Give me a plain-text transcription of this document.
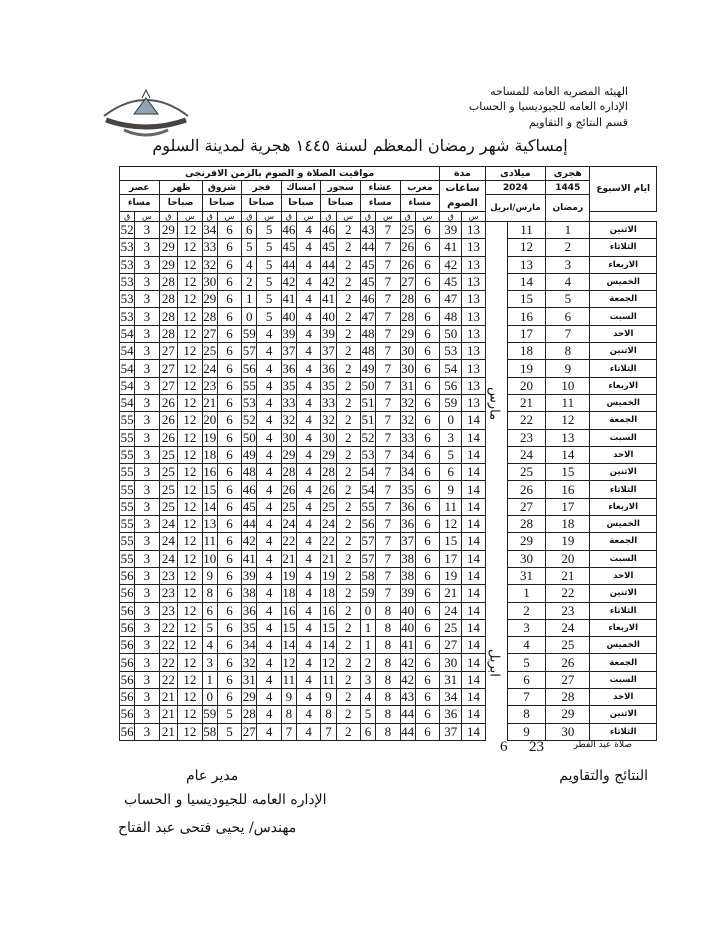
الهيئه المصريه العامه للمساحه
الإداره العامه للجيوديسيا و الحساب
قسم النتائج و التقاويم
إمساكية شهر رمضان المعظم لسنة ١٤٤٥ هجرية لمدينة السلوم
مواقيت الصلاة و الصوم بالزمن الافرنجى																مدة		ميلادى		هجرى	ايام الاسبوع
عصر		ظهر		شروق		فجر		امساك		سحور		عشاء		مغرب		ساعات الصوم		2024		1445	
مساء		صباحا		صباحا		صباحا		صباحا		صباحا		مساء		مساء				مارس/ابريل		رمضان	
ق	س	ق	س	ق	س	ق	س	ق	س	ق	س	ق	س	ق	س	ق	س				
52	3	29	12	34	6	6	5	46	4	46	2	43	7	25	6	39	13	مارس	11	1	الاثنين
53	3	29	12	33	6	5	5	45	4	45	2	44	7	26	6	41	13		12	2	الثلاثاء
53	3	29	12	32	6	4	5	44	4	44	2	45	7	26	6	42	13		13	3	الاربعاء
53	3	28	12	30	6	2	5	42	4	42	2	45	7	27	6	45	13		14	4	الخميس
53	3	28	12	29	6	1	5	41	4	41	2	46	7	28	6	47	13		15	5	الجمعة
53	3	28	12	28	6	0	5	40	4	40	2	47	7	28	6	48	13		16	6	السبت
54	3	28	12	27	6	59	4	39	4	39	2	48	7	29	6	50	13		17	7	الاحد
54	3	27	12	25	6	57	4	37	4	37	2	48	7	30	6	53	13		18	8	الاثنين
54	3	27	12	24	6	56	4	36	4	36	2	49	7	30	6	54	13		19	9	الثلاثاء
54	3	27	12	23	6	55	4	35	4	35	2	50	7	31	6	56	13		20	10	الاربعاء
54	3	26	12	21	6	53	4	33	4	33	2	51	7	32	6	59	13		21	11	الخميس
55	3	26	12	20	6	52	4	32	4	32	2	51	7	32	6	0	14		22	12	الجمعة
55	3	26	12	19	6	50	4	30	4	30	2	52	7	33	6	3	14		23	13	السبت
55	3	25	12	18	6	49	4	29	4	29	2	53	7	34	6	5	14		24	14	الاحد
55	3	25	12	16	6	48	4	28	4	28	2	54	7	34	6	6	14		25	15	الاثنين
55	3	25	12	15	6	46	4	26	4	26	2	54	7	35	6	9	14		26	16	الثلاثاء
55	3	25	12	14	6	45	4	25	4	25	2	55	7	36	6	11	14		27	17	الاربعاء
55	3	24	12	13	6	44	4	24	4	24	2	56	7	36	6	12	14		28	18	الخميس
55	3	24	12	11	6	42	4	22	4	22	2	57	7	37	6	15	14		29	19	الجمعة
55	3	24	12	10	6	41	4	21	4	21	2	57	7	38	6	17	14		30	20	السبت
56	3	23	12	9	6	39	4	19	4	19	2	58	7	38	6	19	14		31	21	الاحد
56	3	23	12	8	6	38	4	18	4	18	2	59	7	39	6	21	14	ابريل	1	22	الاثنين
56	3	23	12	6	6	36	4	16	4	16	2	0	8	40	6	24	14		2	23	الثلاثاء
56	3	22	12	5	6	35	4	15	4	15	2	1	8	40	6	25	14		3	24	الاربعاء
56	3	22	12	4	6	34	4	14	4	14	2	1	8	41	6	27	14		4	25	الخميس
56	3	22	12	3	6	32	4	12	4	12	2	2	8	42	6	30	14		5	26	الجمعة
56	3	22	12	1	6	31	4	11	4	11	2	3	8	42	6	31	14		6	27	السبت
56	3	21	12	0	6	29	4	9	4	9	2	4	8	43	6	34	14		7	28	الاحد
56	3	21	12	59	5	28	4	8	4	8	2	5	8	44	6	36	14		8	29	الاثنين
56	3	21	12	58	5	27	4	7	4	7	2	6	8	44	6	37	14		9	30	الثلاثاء
صلاة عيد الفطر
6 23
مدير عام
الإداره العامه للجيوديسيا و الحساب
مهندس/ يحيى فتحى عبد الفتاح
النتائج والتقاويم
